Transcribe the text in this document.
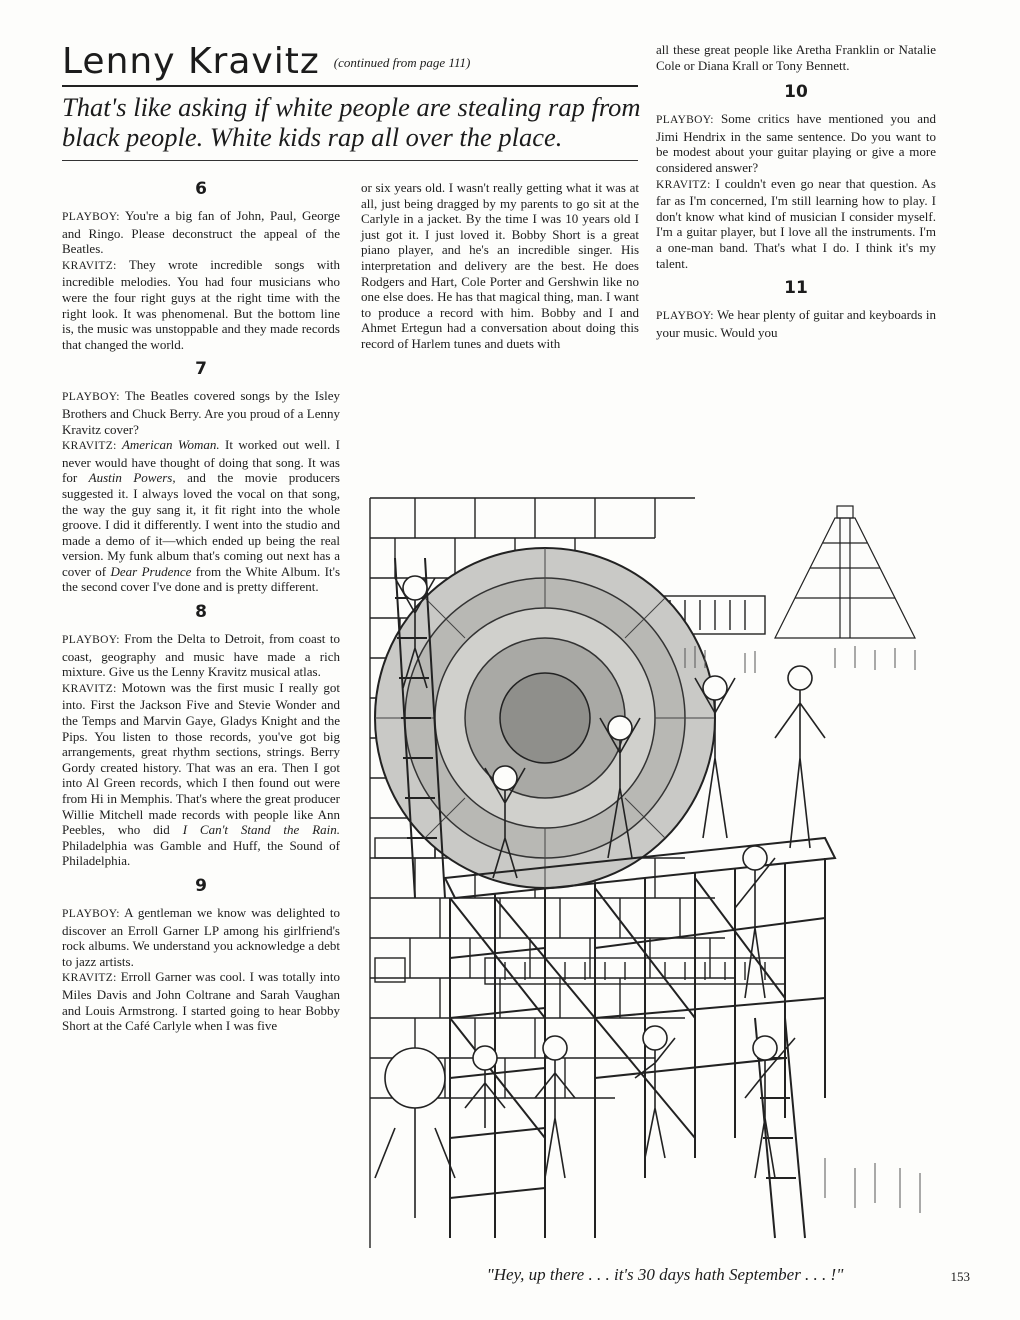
Lenny Kravitz $^{(continued from page 111)}$
That's like asking if white people are stealing rap from black people. White kids rap all over the place.
6

PLAYBOY: You're a big fan of John, Paul, George and Ringo. Please deconstruct the appeal of the Beatles.

KRAVITZ: They wrote incredible songs with incredible melodies. You had four musicians who were the four right guys at the right time with the right look. It was phenomenal. But the bottom line is, the music was unstoppable and they made records that changed the world.

7

PLAYBOY: The Beatles covered songs by the Isley Brothers and Chuck Berry. Are you proud of a Lenny Kravitz cover?

KRAVITZ: American Woman. It worked out well. I never would have thought of doing that song. It was for Austin Powers, and the movie producers suggested it. I always loved the vocal on that song, the way the guy sang it, it fit right into the whole groove. I did it differently. I went into the studio and made a demo of it—which ended up being the real version. My funk album that's coming out next has a cover of Dear Prudence from the White Album. It's the second cover I've done and is pretty different.

8

PLAYBOY: From the Delta to Detroit, from coast to coast, geography and music have made a rich mixture. Give us the Lenny Kravitz musical atlas.

KRAVITZ: Motown was the first music I really got into. First the Jackson Five and Stevie Wonder and the Temps and Marvin Gaye, Gladys Knight and the Pips. You listen to those records, you've got big arrangements, great rhythm sections, strings. Berry Gordy created history. That was an era. Then I got into Al Green records, which I then found out were from Hi in Memphis. That's where the great producer Willie Mitchell made records with people like Ann Peebles, who did I Can't Stand the Rain. Philadelphia was Gamble and Huff, the Sound of Philadelphia.

9

PLAYBOY: A gentleman we know was delighted to discover an Erroll Garner LP among his girlfriend's rock albums. We understand you acknowledge a debt to jazz artists.

KRAVITZ: Erroll Garner was cool. I was totally into Miles Davis and John Coltrane and Sarah Vaughan and Louis Armstrong. I started going to hear Bobby Short at the Café Carlyle when I was five

or six years old. I wasn't really getting what it was at all, just being dragged by my parents to go sit at the Carlyle in a jacket. By the time I was 10 years old I just got it. I just loved it. Bobby Short is a great piano player, and he's an incredible singer. His interpretation and delivery are the best. He does Rodgers and Hart, Cole Porter and Gershwin like no one else does. He has that magical thing, man. I want to produce a record with him. Bobby and I and Ahmet Ertegun had a conversation about doing this record of Harlem tunes and duets with

all these great people like Aretha Franklin or Natalie Cole or Diana Krall or Tony Bennett.

10

PLAYBOY: Some critics have mentioned you and Jimi Hendrix in the same sentence. Do you want to be modest about your guitar playing or give a more considered answer?

KRAVITZ: I couldn't even go near that question. As far as I'm concerned, I'm still learning how to play. I don't know what kind of musician I consider myself. I'm a guitar player, but I love all the instruments. I'm a one-man band. That's what I do. I think it's my talent.

11

PLAYBOY: We hear plenty of guitar and keyboards in your music. Would you

"Hey, up there . . . it's 30 days hath September . . . !"	153
